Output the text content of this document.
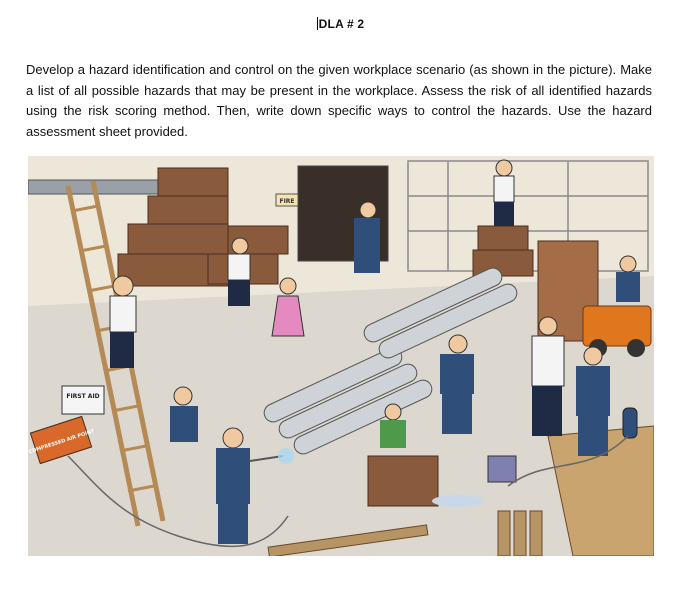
DLA # 2
Develop a hazard identification and control on the given workplace scenario (as shown in the picture). Make a list of all possible hazards that may be present in the workplace. Assess the risk of all identified hazards using the risk scoring method. Then, write down specific ways to control the hazards. Use the hazard assessment sheet provided.
FIRE
FIRST AID
COMPRESSED AIR POINT
